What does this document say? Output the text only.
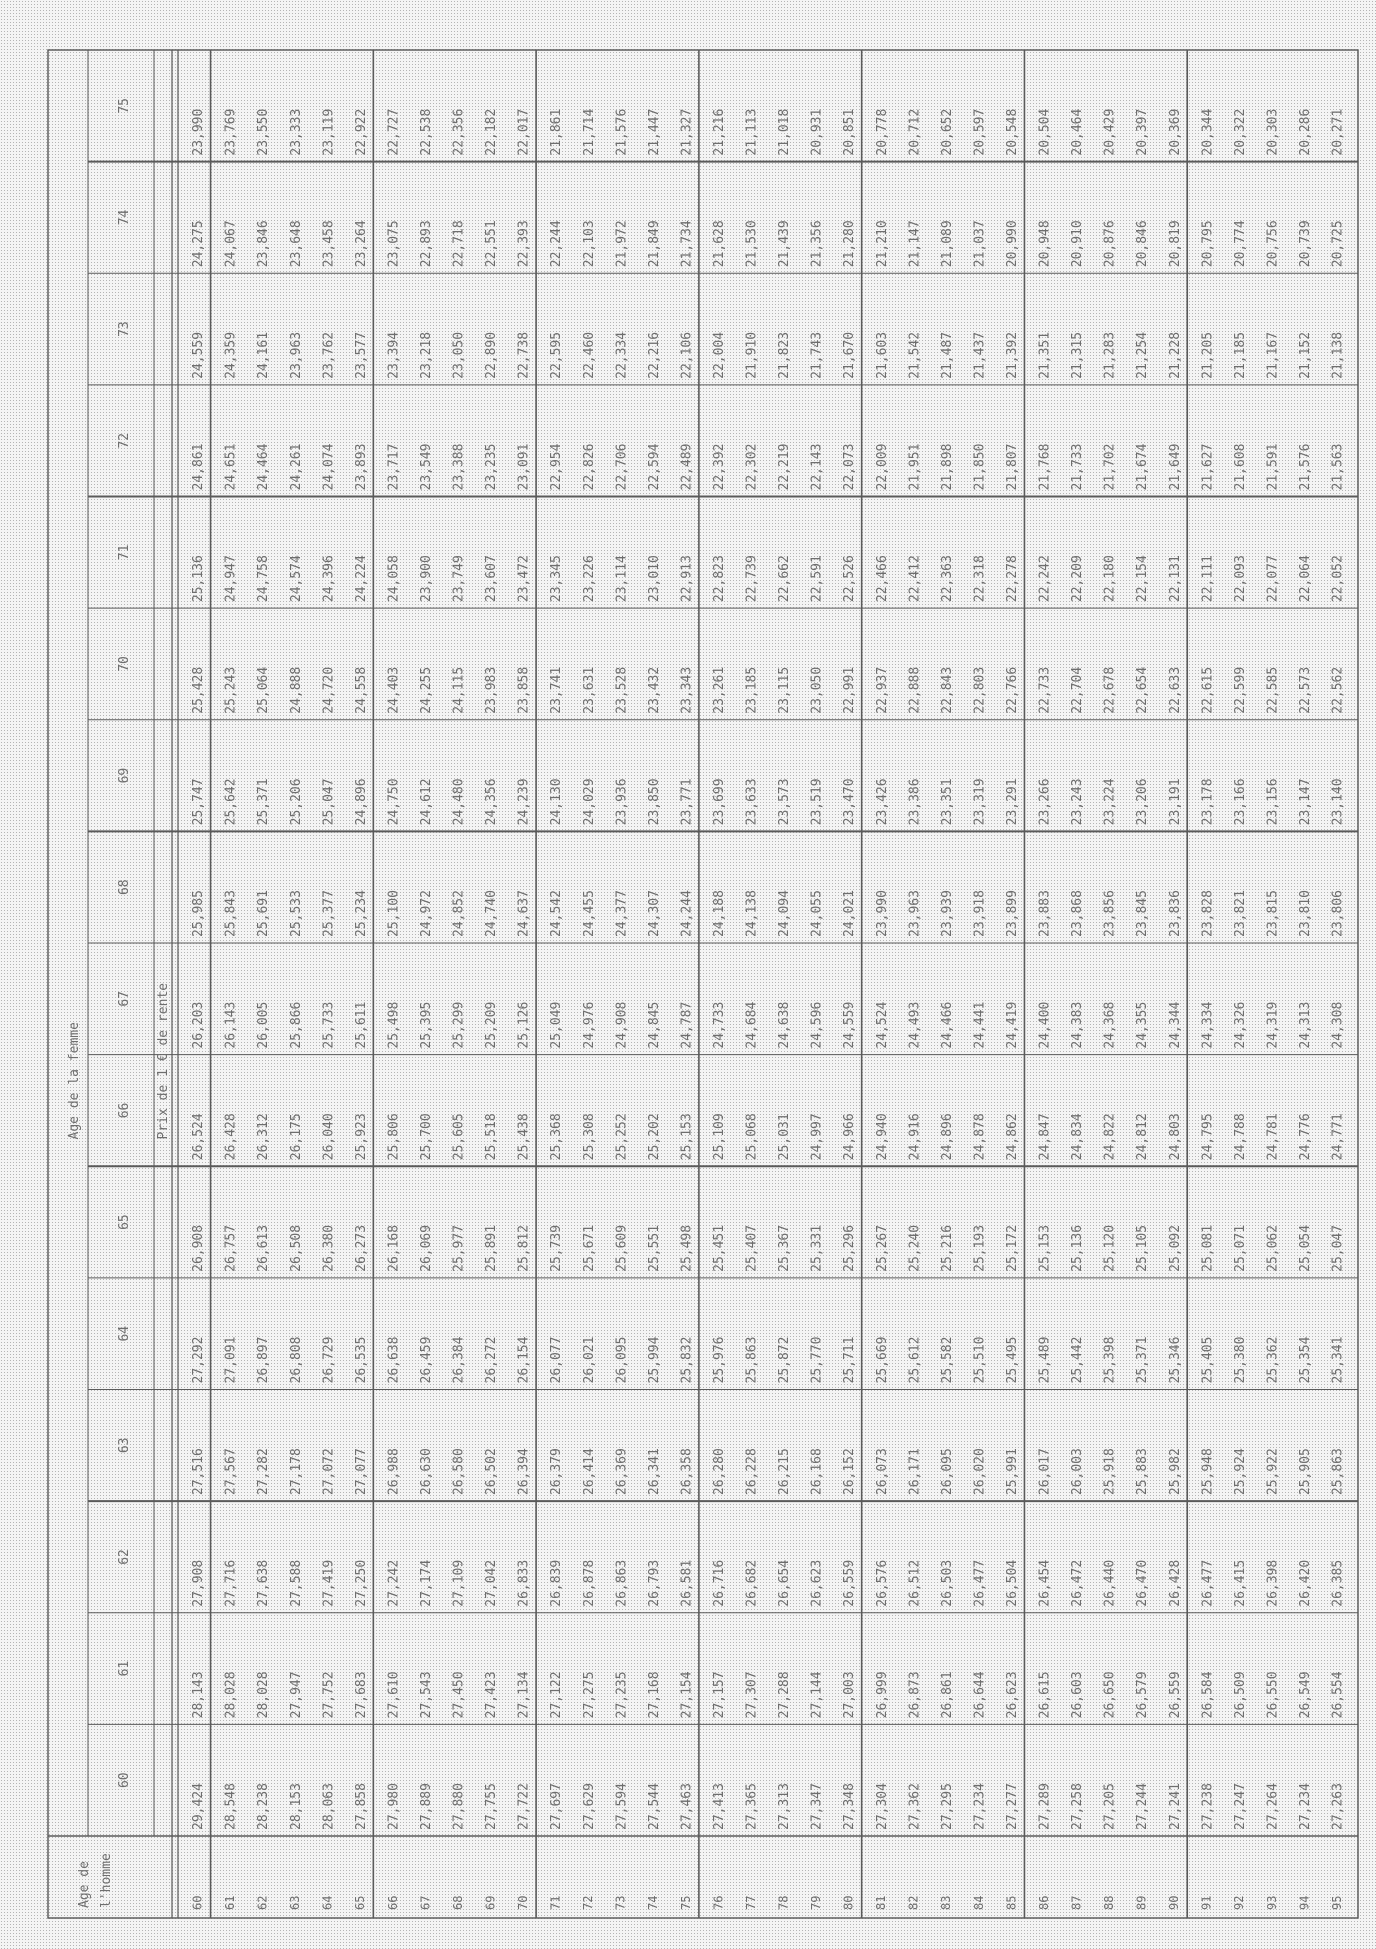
Age de la femme	Prix de 1 € de rente
Age de l'homme
60
61
62
63
64
65
66
67
68
69
70
71
72
73
74
75
60 61 62 63 64 65 66 67 68 69 70 71 72 73 74 75 76 77 78 79 80 81 82 83 84 85 86 87 88 89 90 91 92 93 94 95
29,424 28,548 28,238 28,153 28,063 27,858 27,980 27,889 27,880 27,755 27,722 27,697 27,629 27,594 27,544 27,463 27,413 27,365 27,313 27,347 27,348 27,304 27,362 27,295 27,234 27,277 27,289 27,258 27,205 27,244 27,241 27,238 27,247 27,264 27,234 27,263
28,143 28,028 28,028 27,947 27,752 27,683 27,610 27,543 27,450 27,423 27,134 27,122 27,275 27,235 27,168 27,154 27,157 27,307 27,288 27,144 27,003 26,999 26,873 26,861 26,644 26,623 26,615 26,603 26,650 26,579 26,559 26,584 26,509 26,550 26,549 26,554
27,908 27,716 27,638 27,588 27,419 27,250 27,242 27,174 27,109 27,042 26,833 26,839 26,878 26,863 26,793 26,581 26,716 26,682 26,654 26,623 26,559 26,576 26,512 26,503 26,477 26,504 26,454 26,472 26,440 26,470 26,428 26,477 26,415 26,398 26,420 26,385
27,516 27,567 27,282 27,178 27,072 27,077 26,988 26,630 26,580 26,502 26,394 26,379 26,414 26,369 26,341 26,358 26,280 26,228 26,215 26,168 26,152 26,073 26,171 26,095 26,020 25,991 26,017 26,003 25,918 25,883 25,982 25,948 25,924 25,922 25,905 25,863
27,292 27,091 26,897 26,808 26,729 26,535 26,638 26,459 26,384 26,272 26,154 26,077 26,021 26,095 25,994 25,832 25,976 25,863 25,872 25,770 25,711 25,669 25,612 25,582 25,510 25,495 25,489 25,442 25,398 25,371 25,346 25,405 25,380 25,362 25,354 25,341
26,908 26,757 26,613 26,508 26,380 26,273 26,168 26,069 25,977 25,891 25,812 25,739 25,671 25,609 25,551 25,498 25,451 25,407 25,367 25,331 25,296 25,267 25,240 25,216 25,193 25,172 25,153 25,136 25,120 25,105 25,092 25,081 25,071 25,062 25,054 25,047
26,524 26,428 26,312 26,175 26,040 25,923 25,806 25,700 25,605 25,518 25,438 25,368 25,308 25,252 25,202 25,153 25,109 25,068 25,031 24,997 24,966 24,940 24,916 24,896 24,878 24,862 24,847 24,834 24,822 24,812 24,803 24,795 24,788 24,781 24,776 24,771
26,203 26,143 26,005 25,866 25,733 25,611 25,498 25,395 25,299 25,209 25,126 25,049 24,976 24,908 24,845 24,787 24,733 24,684 24,638 24,596 24,559 24,524 24,493 24,466 24,441 24,419 24,400 24,383 24,368 24,355 24,344 24,334 24,326 24,319 24,313 24,308
25,985 25,843 25,691 25,533 25,377 25,234 25,100 24,972 24,852 24,740 24,637 24,542 24,455 24,377 24,307 24,244 24,188 24,138 24,094 24,055 24,021 23,990 23,963 23,939 23,918 23,899 23,883 23,868 23,856 23,845 23,836 23,828 23,821 23,815 23,810 23,806
25,747 25,642 25,371 25,206 25,047 24,896 24,750 24,612 24,480 24,356 24,239 24,130 24,029 23,936 23,850 23,771 23,699 23,633 23,573 23,519 23,470 23,426 23,386 23,351 23,319 23,291 23,266 23,243 23,224 23,206 23,191 23,178 23,166 23,156 23,147 23,140
25,428 25,243 25,064 24,888 24,720 24,558 24,403 24,255 24,115 23,983 23,858 23,741 23,631 23,528 23,432 23,343 23,261 23,185 23,115 23,050 22,991 22,937 22,888 22,843 22,803 22,766 22,733 22,704 22,678 22,654 22,633 22,615 22,599 22,585 22,573 22,562
25,136 24,947 24,758 24,574 24,396 24,224 24,058 23,900 23,749 23,607 23,472 23,345 23,226 23,114 23,010 22,913 22,823 22,739 22,662 22,591 22,526 22,466 22,412 22,363 22,318 22,278 22,242 22,209 22,180 22,154 22,131 22,111 22,093 22,077 22,064 22,052
24,861 24,651 24,464 24,261 24,074 23,893 23,717 23,549 23,388 23,235 23,091 22,954 22,826 22,706 22,594 22,489 22,392 22,302 22,219 22,143 22,073 22,009 21,951 21,898 21,850 21,807 21,768 21,733 21,702 21,674 21,649 21,627 21,608 21,591 21,576 21,563
24,559 24,359 24,161 23,963 23,762 23,577 23,394 23,218 23,050 22,890 22,738 22,595 22,460 22,334 22,216 22,106 22,004 21,910 21,823 21,743 21,670 21,603 21,542 21,487 21,437 21,392 21,351 21,315 21,283 21,254 21,228 21,205 21,185 21,167 21,152 21,138
24,275 24,067 23,846 23,648 23,458 23,264 23,075 22,893 22,718 22,551 22,393 22,244 22,103 21,972 21,849 21,734 21,628 21,530 21,439 21,356 21,280 21,210 21,147 21,089 21,037 20,990 20,948 20,910 20,876 20,846 20,819 20,795 20,774 20,756 20,739 20,725
23,990 23,769 23,550 23,333 23,119 22,922 22,727 22,538 22,356 22,182 22,017 21,861 21,714 21,576 21,447 21,327 21,216 21,113 21,018 20,931 20,851 20,778 20,712 20,652 20,597 20,548 20,504 20,464 20,429 20,397 20,369 20,344 20,322 20,303 20,286 20,271
